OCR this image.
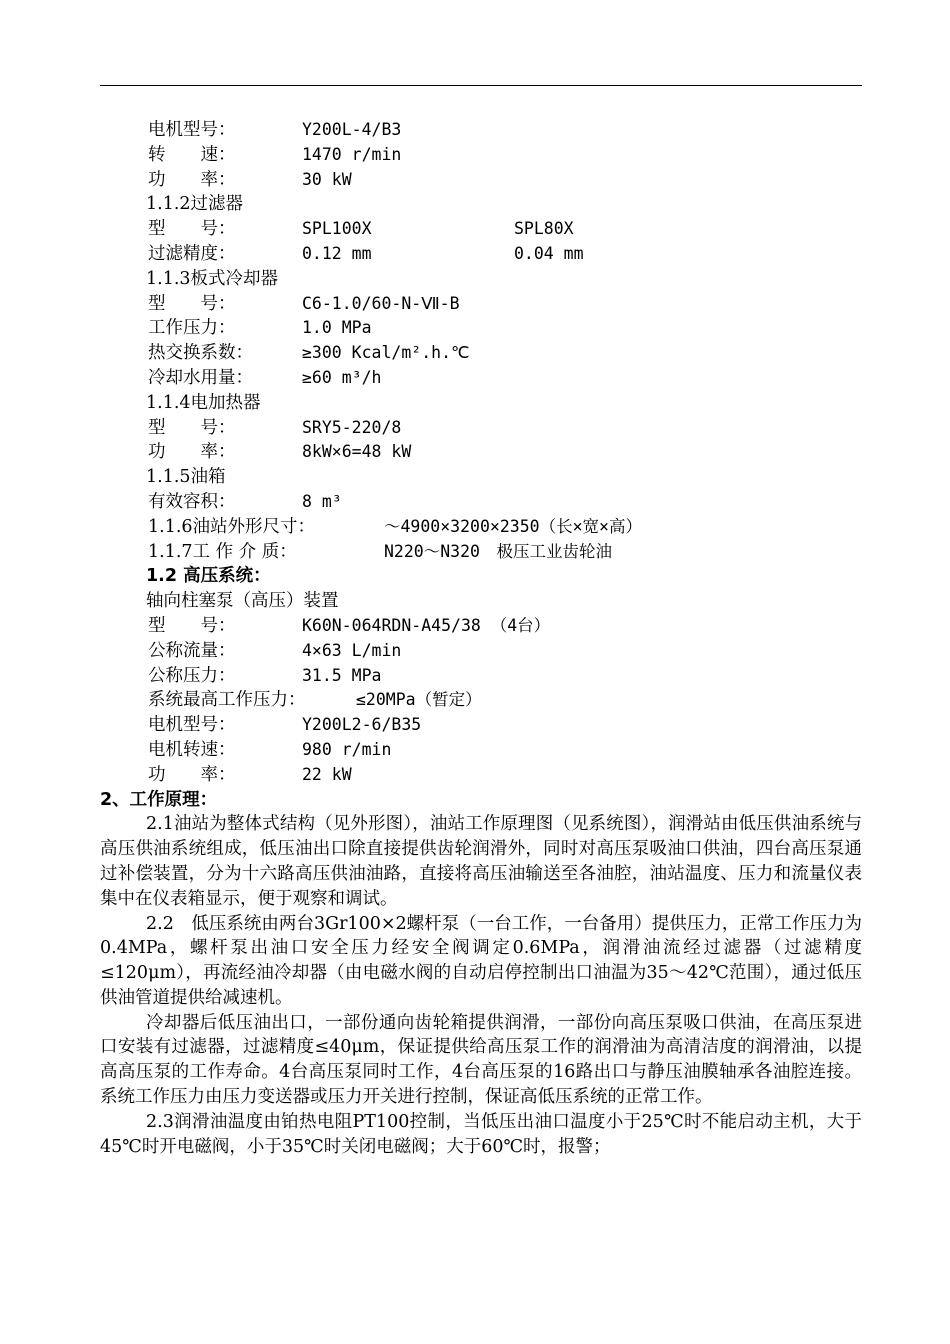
电机型号：	Y200L-4/B3
转　　速：	1470 r/min
功　　率：	30 kW
1.1.2过滤器
型　　号：	SPL100X	SPL80X
过滤精度：	0.12 mm	0.04 mm
1.1.3板式冷却器
型　　号：	C6-1.0/60-N-Ⅶ-B
工作压力：	1.0 MPa
热交换系数：	≥300 Kcal/m².h.℃
冷却水用量：	≥60 m³/h
1.1.4电加热器
型　　号：	SRY5-220/8
功　　率：	8kW×6=48 kW
1.1.5油箱
有效容积：	8 m³
1.1.6油站外形尺寸：	～4900×3200×2350（长×宽×高）
1.1.7工 作 介 质：	N220～N320　极压工业齿轮油
1.2 高压系统：
轴向柱塞泵（高压）装置
型　　号：	K60N-064RDN-A45/38 （4台）
公称流量：	4×63 L/min
公称压力：	31.5 MPa
系统最高工作压力：	≤20MPa（暂定）
电机型号：	Y200L2-6/B35
电机转速：	980 r/min
功　　率：	22 kW
2、工作原理：

2.1油站为整体式结构（见外形图），油站工作原理图（见系统图），润滑站由低压供油系统与高压供油系统组成，低压油出口除直接提供齿轮润滑外，同时对高压泵吸油口供油，四台高压泵通过补偿装置，分为十六路高压供油油路，直接将高压油输送至各油腔，油站温度、压力和流量仪表集中在仪表箱显示，便于观察和调试。

2.2　低压系统由两台3Gr100×2螺杆泵（一台工作，一台备用）提供压力，正常工作压力为0.4MPa，螺杆泵出油口安全压力经安全阀调定0.6MPa，润滑油流经过滤器（过滤精度≤120μm），再流经油冷却器（由电磁水阀的自动启停控制出口油温为35～42℃范围），通过低压供油管道提供给减速机。

冷却器后低压油出口，一部份通向齿轮箱提供润滑，一部份向高压泵吸口供油，在高压泵进口安装有过滤器，过滤精度≤40μm，保证提供给高压泵工作的润滑油为高清洁度的润滑油，以提高高压泵的工作寿命。4台高压泵同时工作，4台高压泵的16路出口与静压油膜轴承各油腔连接。系统工作压力由压力变送器或压力开关进行控制，保证高低压系统的正常工作。

2.3润滑油温度由铂热电阻PT100控制，当低压出油口温度小于25℃时不能启动主机，大于45℃时开电磁阀，小于35℃时关闭电磁阀；大于60℃时，报警；
